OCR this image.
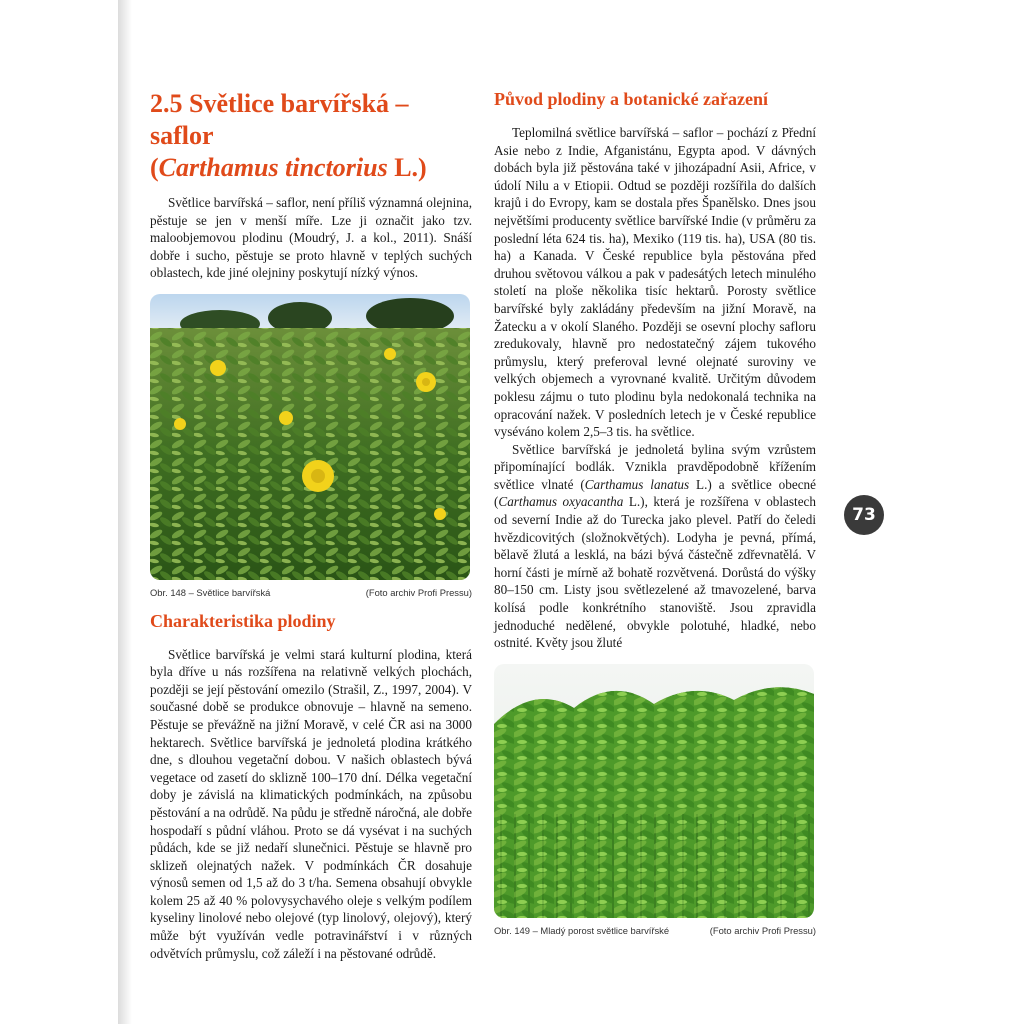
2.5 Světlice barvířská – saflor
(Carthamus tinctorius L.)

Světlice barvířská – saflor, není příliš významná olejnina, pěstuje se jen v menší míře. Lze ji označit jako tzv. maloobjemovou plodinu (Moudrý, J. a kol., 2011). Snáší dobře i sucho, pěstuje se proto hlavně v teplých suchých oblastech, kde jiné olejniny poskytují nízký výnos.

Obr. 148 – Světlice barvířská	(Foto archiv Profi Pressu)
Charakteristika plodiny

Světlice barvířská je velmi stará kulturní plodina, která byla dříve u nás rozšířena na relativně velkých plochách, později se její pěstování omezilo (Strašil, Z., 1997, 2004). V současné době se produkce obnovuje – hlavně na semeno. Pěstuje se převážně na jižní Moravě, v celé ČR asi na 3000 hektarech. Světlice barvířská je jednoletá plodina krátkého dne, s dlouhou vegetační dobou. V našich oblastech bývá vegetace od zasetí do sklizně 100–170 dní. Délka vegetační doby je závislá na klimatických podmínkách, na způsobu pěstování a na odrůdě. Na půdu je středně náročná, ale dobře hospodaří s půdní vláhou. Proto se dá vysévat i na suchých půdách, kde se již nedaří slunečnici. Pěstuje se hlavně pro sklizeň olejnatých nažek. V podmínkách ČR dosahuje výnosů semen od 1,5 až do 3 t/ha. Semena obsahují obvykle kolem 25 až 40 % polovysychavého oleje s velkým podílem kyseliny linolové nebo olejové (typ linolový, olejový), který může být využíván vedle potravinářství i v různých odvětvích průmyslu, což záleží i na pěstované odrůdě.

Původ plodiny a botanické zařazení

Teplomilná světlice barvířská – saflor – pochází z Přední Asie nebo z Indie, Afganistánu, Egypta apod. V dávných dobách byla již pěstována také v jihozápadní Asii, Africe, v údolí Nilu a v Etiopii. Odtud se později rozšířila do dalších krajů i do Evropy, kam se dostala přes Španělsko. Dnes jsou největšími producenty světlice barvířské Indie (v průměru za poslední léta 624 tis. ha), Mexiko (119 tis. ha), USA (80 tis. ha) a Kanada. V České republice byla pěstována před druhou světovou válkou a pak v padesátých letech minulého století na ploše několika tisíc hektarů. Porosty světlice barvířské byly zakládány především na jižní Moravě, na Žatecku a v okolí Slaného. Později se osevní plochy safloru zredukovaly, hlavně pro nedostatečný zájem tukového průmyslu, který preferoval levné olejnaté suroviny ve velkých objemech a vyrovnané kvalitě. Určitým důvodem poklesu zájmu o tuto plodinu byla nedokonalá technika na opracování nažek. V posledních letech je v České republice vyséváno kolem 2,5–3 tis. ha světlice.

Světlice barvířská je jednoletá bylina svým vzrůstem připomínající bodlák. Vznikla pravděpodobně křížením světlice vlnaté (Carthamus lanatus L.) a světlice obecné (Carthamus oxyacantha L.), která je rozšířena v oblastech od severní Indie až do Turecka jako plevel. Patří do čeledi hvězdicovitých (složnokvětých). Lodyha je pevná, přímá, bělavě žlutá a lesklá, na bázi bývá částečně zdřevnatělá. V horní části je mírně až bohatě rozvětvená. Dorůstá do výšky 80–150 cm. Listy jsou světlezelené až tmavozelené, barva kolísá podle konkrétního stanoviště. Jsou zpravidla jednoduché nedělené, obvykle polotuhé, hladké, nebo ostnité. Květy jsou žluté

Obr. 149 – Mladý porost světlice barvířské	(Foto archiv Profi Pressu)
73
